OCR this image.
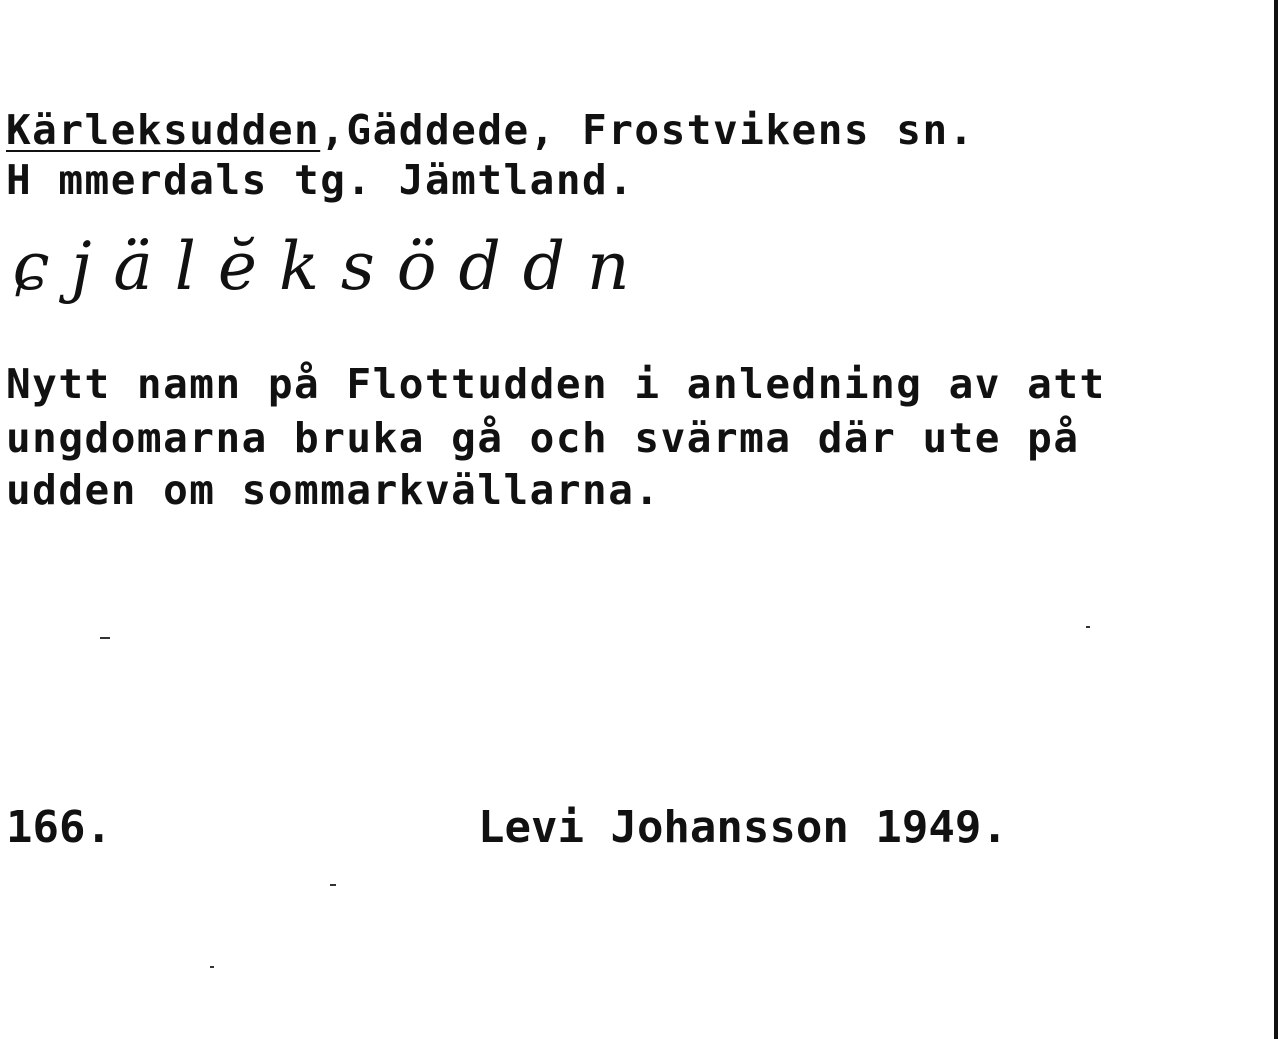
Kärleksudden,Gäddede, Frostvikens sn.
H mmerdals tg. Jämtland.
ɕjälĕksöddn
Nytt namn på Flottudden i anledning av att
ungdomarna bruka gå och svärma där ute på
udden om sommarkvällarna.
166.	Levi Johansson 1949.
